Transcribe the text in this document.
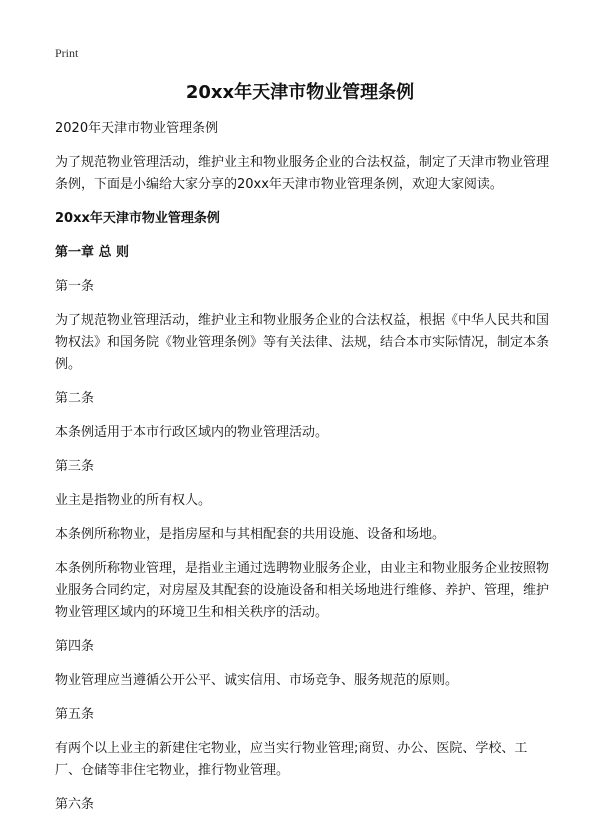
Print
20xx年天津市物业管理条例

2020年天津市物业管理条例

为了规范物业管理活动，维护业主和物业服务企业的合法权益，制定了天津市物业管理条例，下面是小编给大家分享的20xx年天津市物业管理条例，欢迎大家阅读。

20xx年天津市物业管理条例

第一章 总 则

第一条

为了规范物业管理活动，维护业主和物业服务企业的合法权益，根据《中华人民共和国物权法》和国务院《物业管理条例》等有关法律、法规，结合本市实际情况，制定本条例。

第二条

本条例适用于本市行政区域内的物业管理活动。

第三条

业主是指物业的所有权人。

本条例所称物业，是指房屋和与其相配套的共用设施、设备和场地。

本条例所称物业管理，是指业主通过选聘物业服务企业，由业主和物业服务企业按照物业服务合同约定，对房屋及其配套的设施设备和相关场地进行维修、养护、管理，维护物业管理区域内的环境卫生和相关秩序的活动。

第四条

物业管理应当遵循公开公平、诚实信用、市场竞争、服务规范的原则。

第五条

有两个以上业主的新建住宅物业，应当实行物业管理;商贸、办公、医院、学校、工厂、仓储等非住宅物业，推行物业管理。

第六条
